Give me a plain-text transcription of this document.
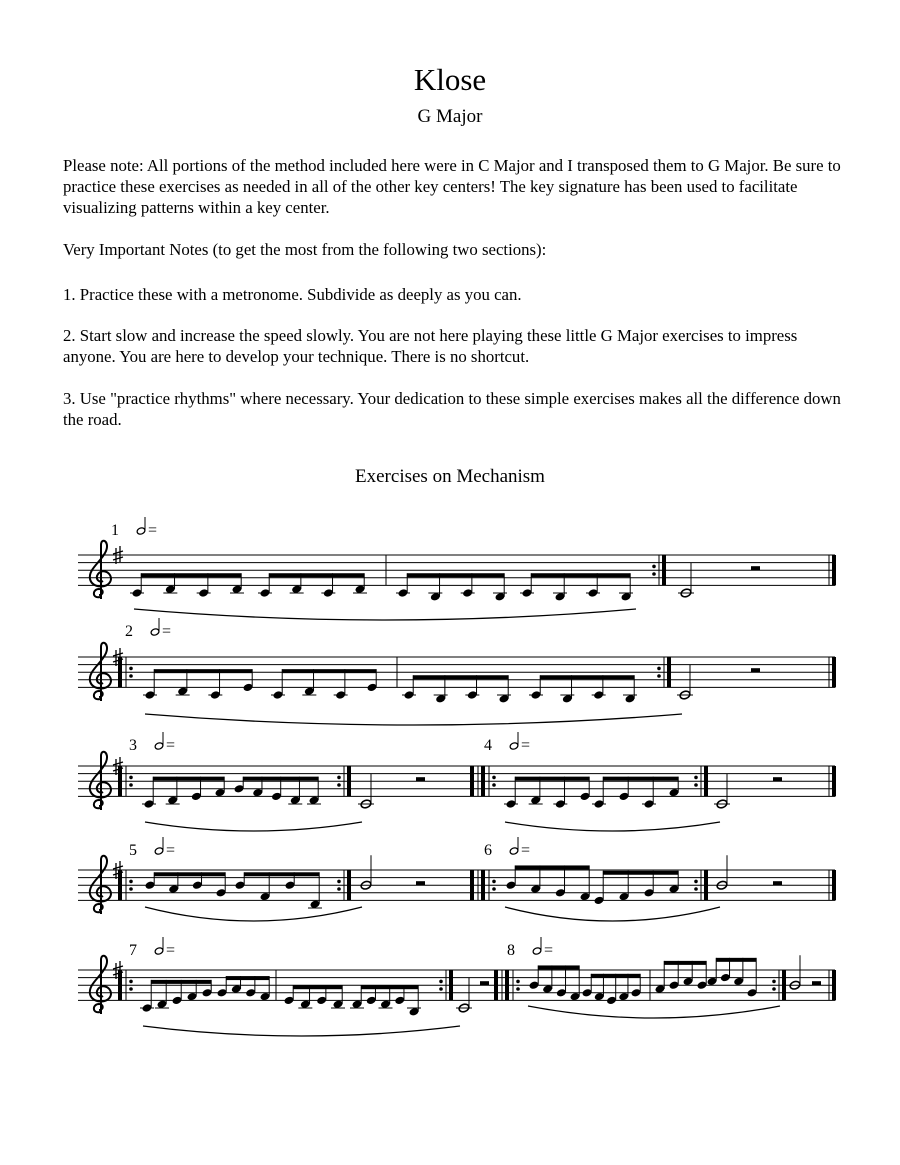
Klose
G Major

Please note: All portions of the method included here were in C Major and I transposed them to G Major. Be sure to practice these exercises as needed in all of the other key centers! The key signature has been used to facilitate visualizing patterns within a key center.

Very Important Notes (to get the most from the following two sections):

1. Practice these with a metronome. Subdivide as deeply as you can.

2. Start slow and increase the speed slowly. You are not here playing these little G Major exercises to impress anyone. You are here to develop your technique. There is no shortcut.

3. Use "practice rhythms" where necessary. Your dedication to these simple exercises makes all the difference down the road.

Exercises on Mechanism
1 =
2 =
3 =	4 =
5 =	6 =
7 =	8 =
